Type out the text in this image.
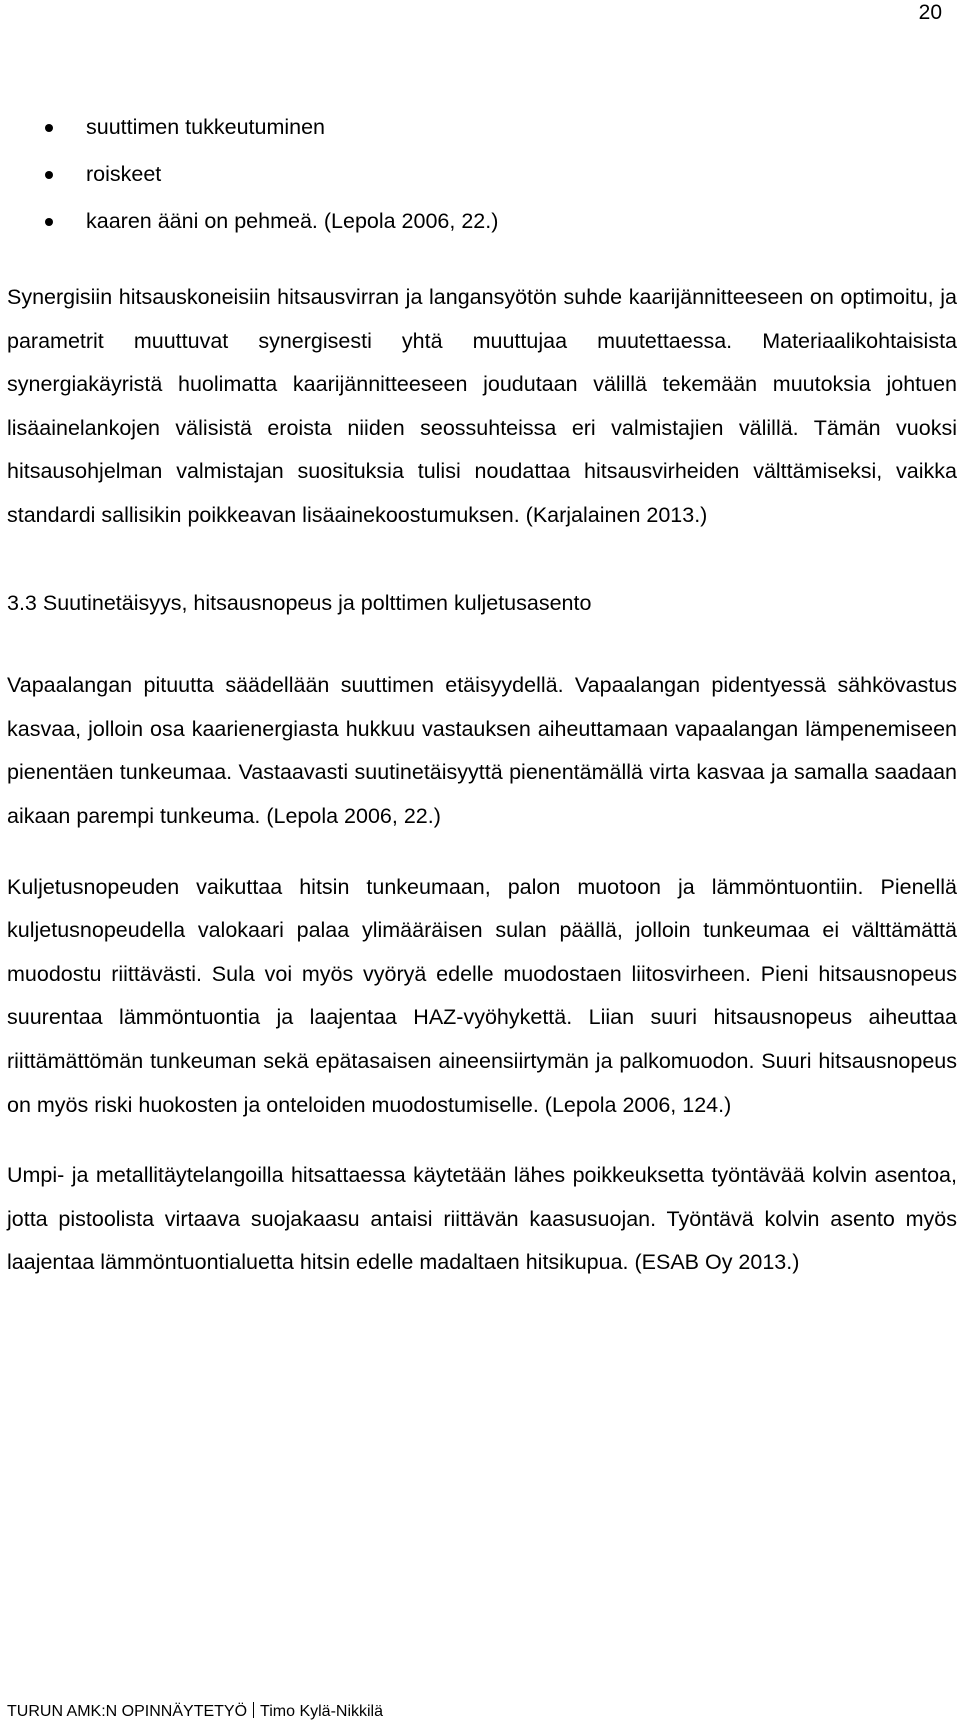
20
suuttimen tukkeutuminen
roiskeet
kaaren ääni on pehmeä. (Lepola 2006, 22.)

Synergisiin hitsauskoneisiin hitsausvirran ja langansyötön suhde kaarijännitteeseen on optimoitu, ja parametrit muuttuvat synergisesti yhtä muuttujaa muutettaessa. Materiaalikohtaisista synergiakäyristä huolimatta kaarijännitteeseen joudutaan välillä tekemään muutoksia johtuen lisäainelankojen välisistä eroista niiden seossuhteissa eri valmistajien välillä. Tämän vuoksi hitsausohjelman valmistajan suosituksia tulisi noudattaa hitsausvirheiden välttämiseksi, vaikka standardi sallisikin poikkeavan lisäainekoostumuksen. (Karjalainen 2013.)

3.3 Suutinetäisyys, hitsausnopeus ja polttimen kuljetusasento

Vapaalangan pituutta säädellään suuttimen etäisyydellä. Vapaalangan pidentyessä sähkövastus kasvaa, jolloin osa kaarienergiasta hukkuu vastauksen aiheuttamaan vapaalangan lämpenemiseen pienentäen tunkeumaa. Vastaavasti suutinetäisyyttä pienentämällä virta kasvaa ja samalla saadaan aikaan parempi tunkeuma. (Lepola 2006, 22.)

Kuljetusnopeuden vaikuttaa hitsin tunkeumaan, palon muotoon ja lämmöntuontiin. Pienellä kuljetusnopeudella valokaari palaa ylimääräisen sulan päällä, jolloin tunkeumaa ei välttämättä muodostu riittävästi. Sula voi myös vyöryä edelle muodostaen liitosvirheen. Pieni hitsausnopeus suurentaa lämmöntuontia ja laajentaa HAZ-vyöhykettä. Liian suuri hitsausnopeus aiheuttaa riittämättömän tunkeuman sekä epätasaisen aineensiirtymän ja palkomuodon. Suuri hitsausnopeus on myös riski huokosten ja onteloiden muodostumiselle. (Lepola 2006, 124.)

Umpi- ja metallitäytelangoilla hitsattaessa käytetään lähes poikkeuksetta työntävää kolvin asentoa, jotta pistoolista virtaava suojakaasu antaisi riittävän kaasusuojan. Työntävä kolvin asento myös laajentaa lämmöntuontialuetta hitsin edelle madaltaen hitsikupua. (ESAB Oy 2013.)

TURUN AMK:N OPINNÄYTETYÖ Timo Kylä-Nikkilä
